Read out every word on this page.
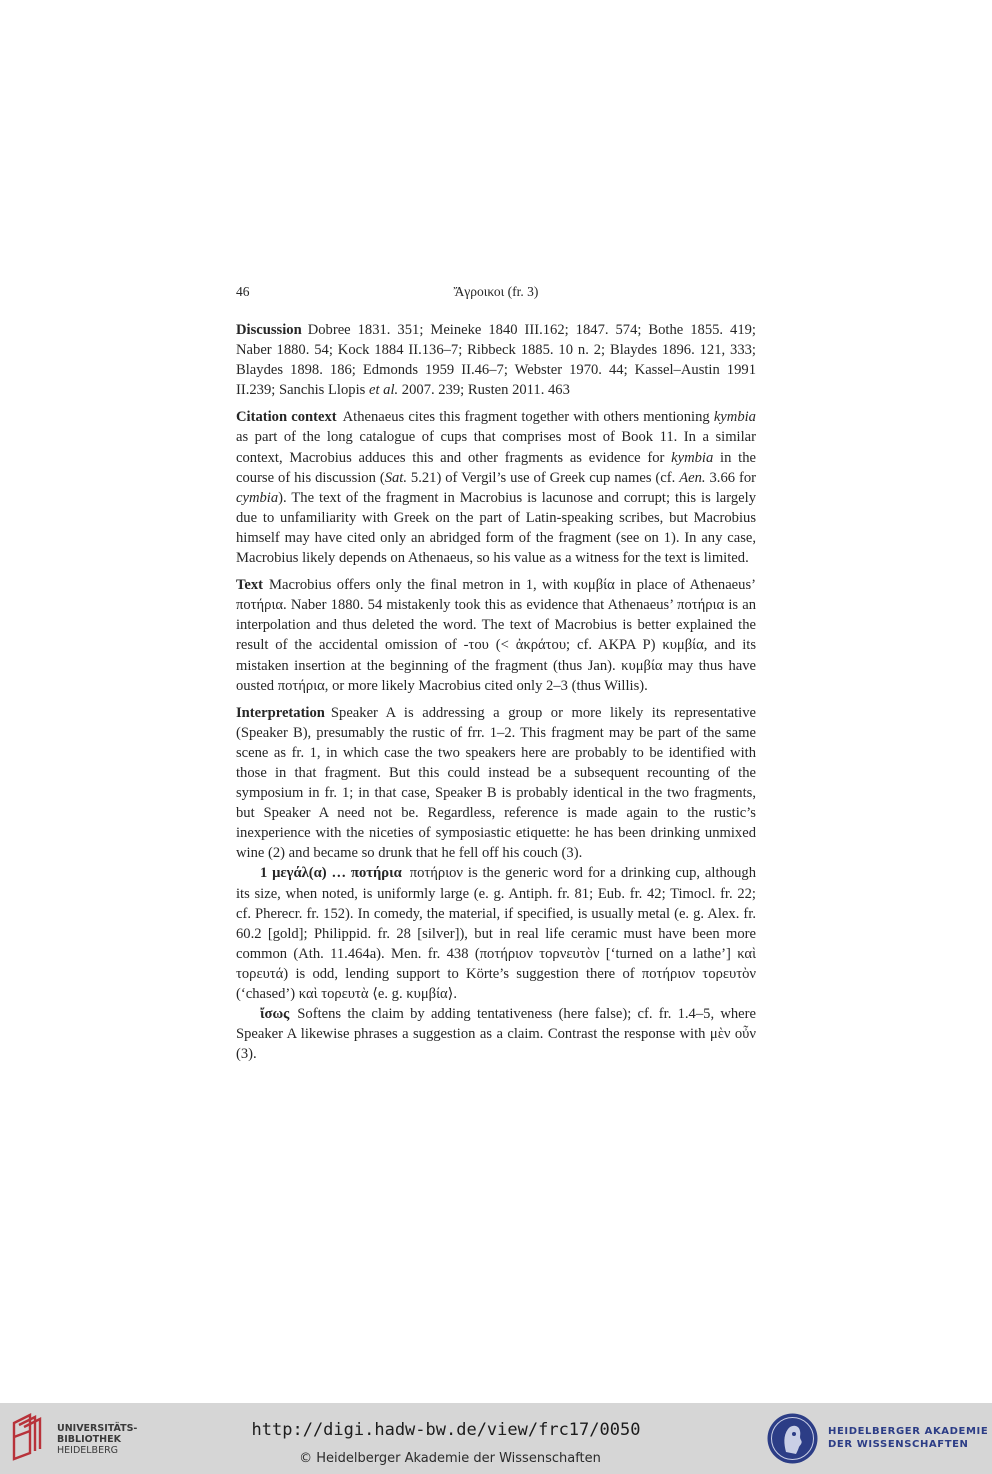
46	Ἄγροικοι (fr. 3)

Discussion Dobree 1831. 351; Meineke 1840 III.162; 1847. 574; Bothe 1855. 419; Naber 1880. 54; Kock 1884 II.136–7; Ribbeck 1885. 10 n. 2; Blaydes 1896. 121, 333; Blaydes 1898. 186; Edmonds 1959 II.46–7; Webster 1970. 44; Kassel–Austin 1991 II.239; Sanchis Llopis et al. 2007. 239; Rusten 2011. 463

Citation context Athenaeus cites this fragment together with others mentioning kymbia as part of the long catalogue of cups that comprises most of Book 11. In a similar context, Macrobius adduces this and other fragments as evidence for kymbia in the course of his discussion (Sat. 5.21) of Vergil’s use of Greek cup names (cf. Aen. 3.66 for cymbia). The text of the fragment in Macrobius is lacunose and corrupt; this is largely due to unfamiliarity with Greek on the part of Latin-speaking scribes, but Macrobius himself may have cited only an abridged form of the fragment (see on 1). In any case, Macrobius likely depends on Athenaeus, so his value as a witness for the text is limited.

Text Macrobius offers only the final metron in 1, with κυμβία in place of Athenaeus’ ποτήρια. Naber 1880. 54 mistakenly took this as evidence that Athenaeus’ ποτήρια is an interpolation and thus deleted the word. The text of Macrobius is better explained the result of the accidental omission of -του (< ἀκράτου; cf. AKPA P) κυμβία, and its mistaken insertion at the beginning of the fragment (thus Jan). κυμβία may thus have ousted ποτήρια, or more likely Macrobius cited only 2–3 (thus Willis).

Interpretation Speaker A is addressing a group or more likely its representative (Speaker B), presumably the rustic of frr. 1–2. This fragment may be part of the same scene as fr. 1, in which case the two speakers here are probably to be identified with those in that fragment. But this could instead be a subsequent recounting of the symposium in fr. 1; in that case, Speaker B is probably identical in the two fragments, but Speaker A need not be. Regardless, reference is made again to the rustic’s inexperience with the niceties of symposiastic etiquette: he has been drinking unmixed wine (2) and became so drunk that he fell off his couch (3).

1 μεγάλ(α) … ποτήρια ποτήριον is the generic word for a drinking cup, although its size, when noted, is uniformly large (e. g. Antiph. fr. 81; Eub. fr. 42; Timocl. fr. 22; cf. Pherecr. fr. 152). In comedy, the material, if specified, is usually metal (e. g. Alex. fr. 60.2 [gold]; Philippid. fr. 28 [silver]), but in real life ceramic must have been more common (Ath. 11.464a). Men. fr. 438 (ποτήριον τορνευτὸν [‘turned on a lathe’] καὶ τορευτά) is odd, lending support to Körte’s suggestion there of ποτήριον τορευτὸν (‘chased’) καὶ τορευτὰ ⟨e. g. κυμβία⟩.

ἴσως Softens the claim by adding tentativeness (here false); cf. fr. 1.4–5, where Speaker A likewise phrases a suggestion as a claim. Contrast the response with μὲν οὖν (3).

UNIVERSITÄTS-
BIBLIOTHEK
HEIDELBERG
http://digi.hadw-bw.de/view/frc17/0050
© Heidelberger Akademie der Wissenschaften
HEIDELBERGER AKADEMIE
DER WISSENSCHAFTEN
